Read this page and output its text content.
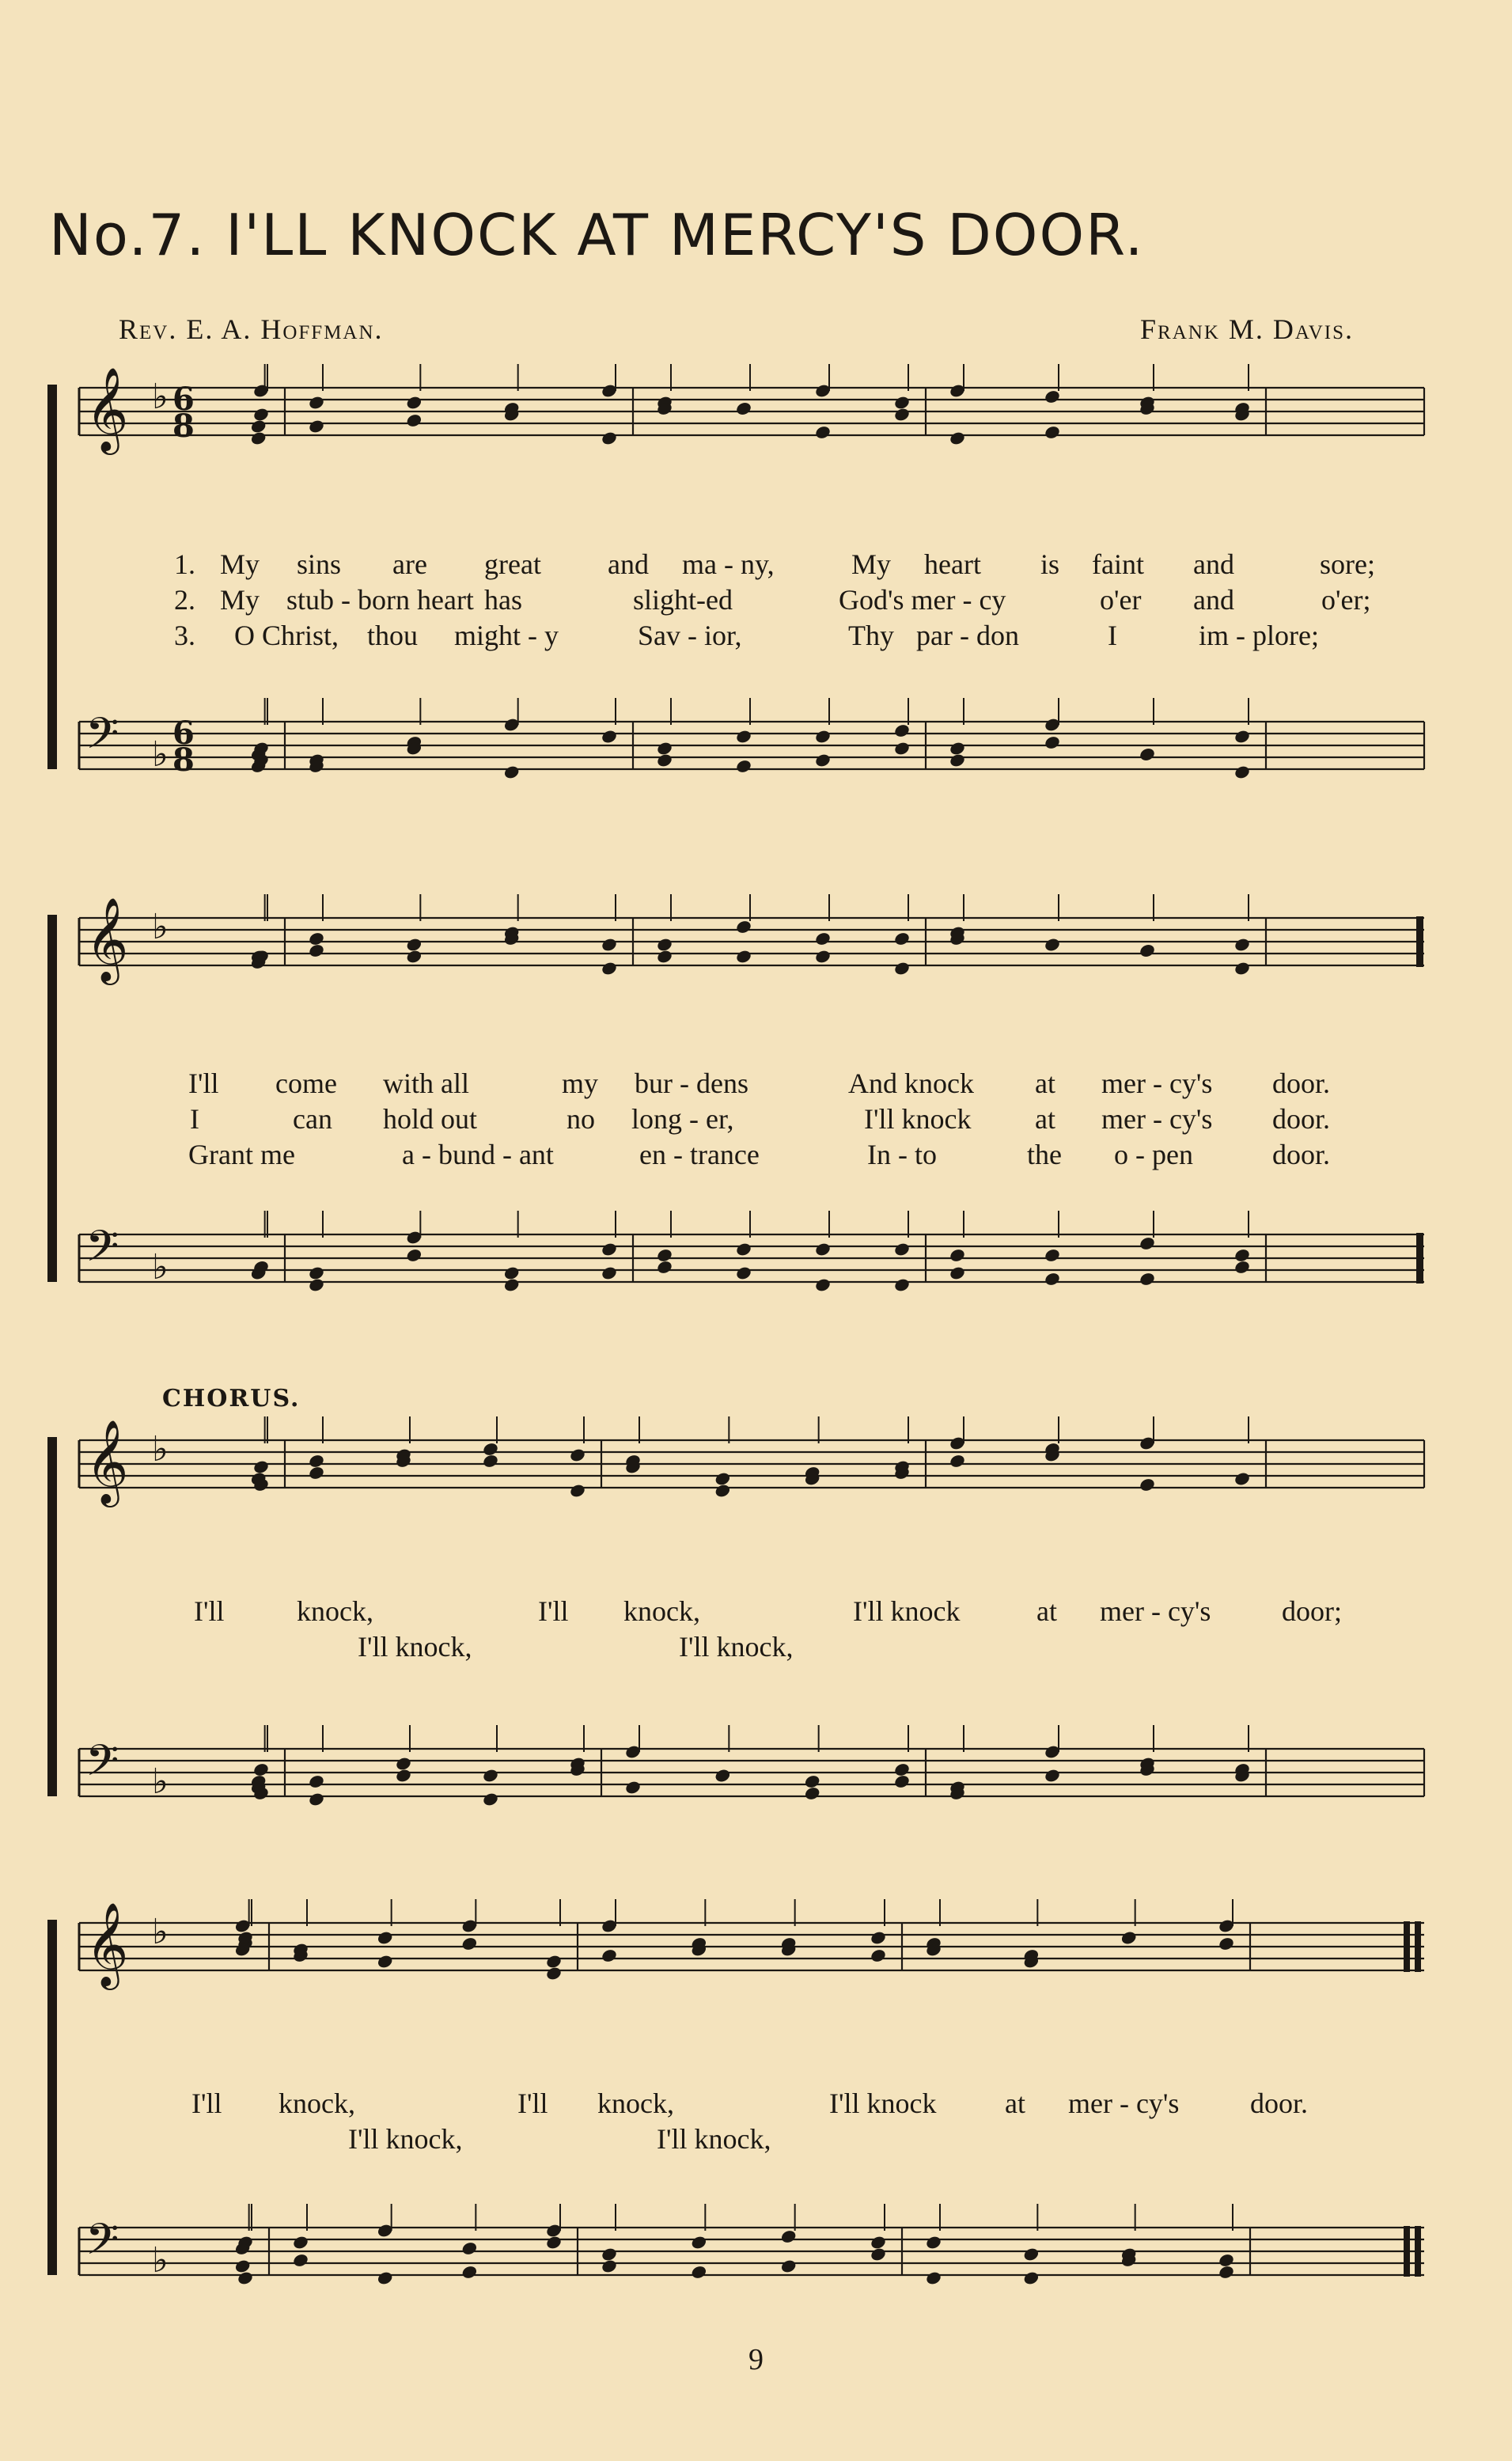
No.7. I'LL KNOCK AT MERCY'S DOOR.
Rev. E. A. Hoffman.	Frank M. Davis.
𝄞 ♭ 6
8
𝄢 ♭
6
8
1. My sins are great and ma - ny,	My heart is faint and	sore;
2. My stub - born heart has	slight-ed	God's mer - cy	o'er and	o'er;
3. O Christ, thou might - y	Sav - ior,	Thy par - don	I	im - plore;
𝄞 ♭
𝄢 ♭
I'll come with all	my bur - dens	And knock at mer - cy's door.
I	can hold out	no long - er,	I'll knock at mer - cy's door.
Grant me	a - bund - ant	en - trance	In - to	the o - pen	door.
CHORUS.
𝄞 ♭
𝄢 ♭
I'll	knock,	I'll knock,	I'll knock	at mer - cy's door;
I'll knock,	I'll knock,
𝄞 ♭
𝄢 ♭
I'll knock,	I'll knock,	I'll knock at mer - cy's door.
I'll knock,	I'll knock,
9
